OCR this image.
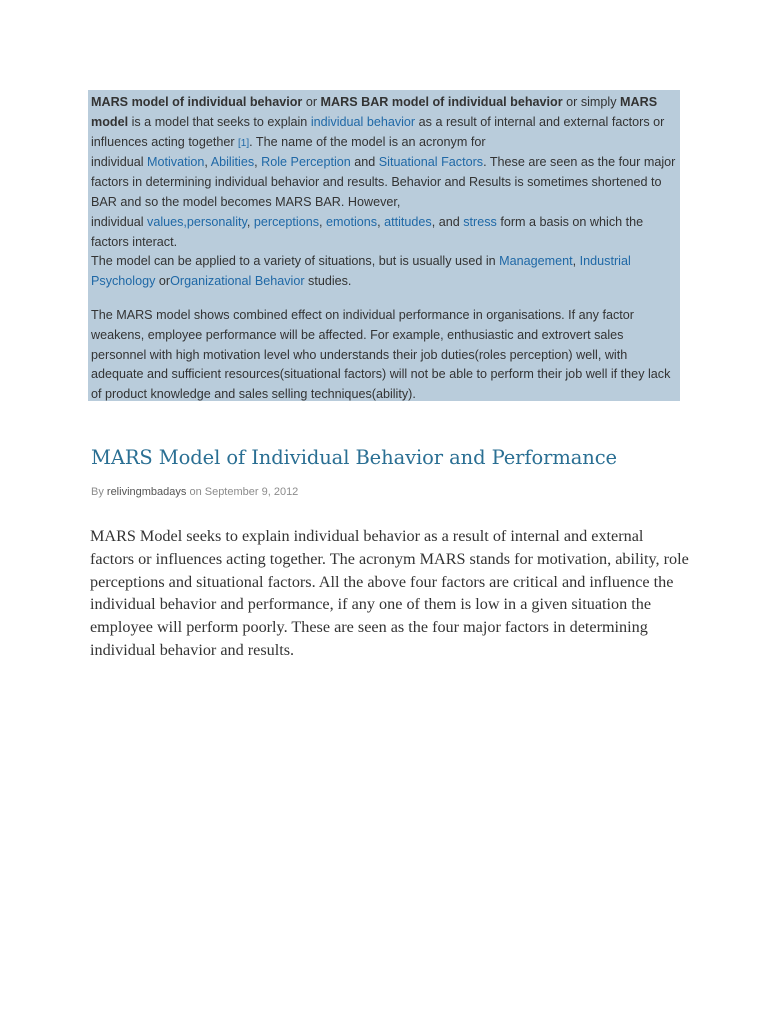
MARS model of individual behavior or MARS BAR model of individual behavior or simply MARS model is a model that seeks to explain individual behavior as a result of internal and external factors or influences acting together [1]. The name of the model is an acronym for
individual Motivation, Abilities, Role Perception and Situational Factors. These are seen as the four major factors in determining individual behavior and results. Behavior and Results is sometimes shortened to BAR and so the model becomes MARS BAR. However,
individual values,personality, perceptions, emotions, attitudes, and stress form a basis on which the factors interact.

The model can be applied to a variety of situations, but is usually used in Management, Industrial Psychology orOrganizational Behavior studies.

The MARS model shows combined effect on individual performance in organisations. If any factor weakens, employee performance will be affected. For example, enthusiastic and extrovert sales personnel with high motivation level who understands their job duties(roles perception) well, with adequate and sufficient resources(situational factors) will not be able to perform their job well if they lack of product knowledge and sales selling techniques(ability).

MARS Model of Individual Behavior and Performance

By relivingmbadays on September 9, 2012

MARS Model seeks to explain individual behavior as a result of internal and external factors or influences acting together. The acronym MARS stands for motivation, ability, role perceptions and situational factors. All the above four factors are critical and influence the individual behavior and performance, if any one of them is low in a given situation the employee will perform poorly. These are seen as the four major factors in determining individual behavior and results.
